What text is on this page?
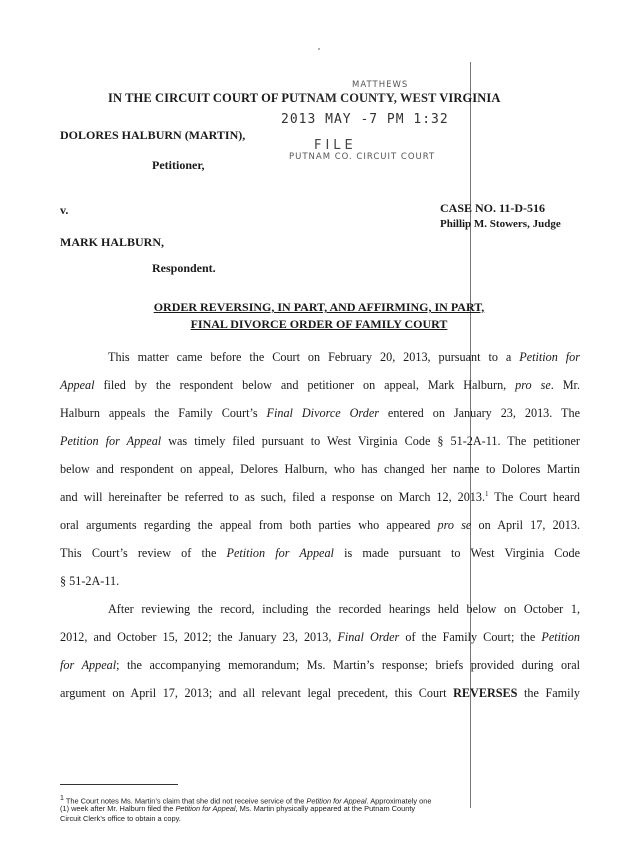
IN THE CIRCUIT COURT OF PUTNAM COUNTY, WEST VIRGINIA
MATTHEWS
2013 MAY -7 PM 1:32
FILE
PUTNAM CO. CIRCUIT COURT
DOLORES HALBURN (MARTIN),
Petitioner,
v.
MARK HALBURN,
Respondent.
CASE NO. 11-D-516
Phillip M. Stowers, Judge
ORDER REVERSING, IN PART, AND AFFIRMING, IN PART,
FINAL DIVORCE ORDER OF FAMILY COURT
This matter came before the Court on February 20, 2013, pursuant to a Petition for
Appeal filed by the respondent below and petitioner on appeal, Mark Halburn, pro se. Mr.
Halburn appeals the Family Court’s Final Divorce Order entered on January 23, 2013. The
Petition for Appeal was timely filed pursuant to West Virginia Code § 51-2A-11. The petitioner
below and respondent on appeal, Delores Halburn, who has changed her name to Dolores Martin
and will hereinafter be referred to as such, filed a response on March 12, 2013.$^1$ The Court heard
oral arguments regarding the appeal from both parties who appeared pro se on April 17, 2013.
This Court’s review of the Petition for Appeal is made pursuant to West Virginia Code
§ 51-2A-11.
After reviewing the record, including the recorded hearings held below on October 1,
2012, and October 15, 2012; the January 23, 2013, Final Order of the Family Court; the Petition
for Appeal; the accompanying memorandum; Ms. Martin’s response; briefs provided during oral
argument on April 17, 2013; and all relevant legal precedent, this Court REVERSES the Family
$^1$ The Court notes Ms. Martin’s claim that she did not receive service of the Petition for Appeal. Approximately one
(1) week after Mr. Halburn filed the Petition for Appeal, Ms. Martin physically appeared at the Putnam County
Circuit Clerk’s office to obtain a copy.
